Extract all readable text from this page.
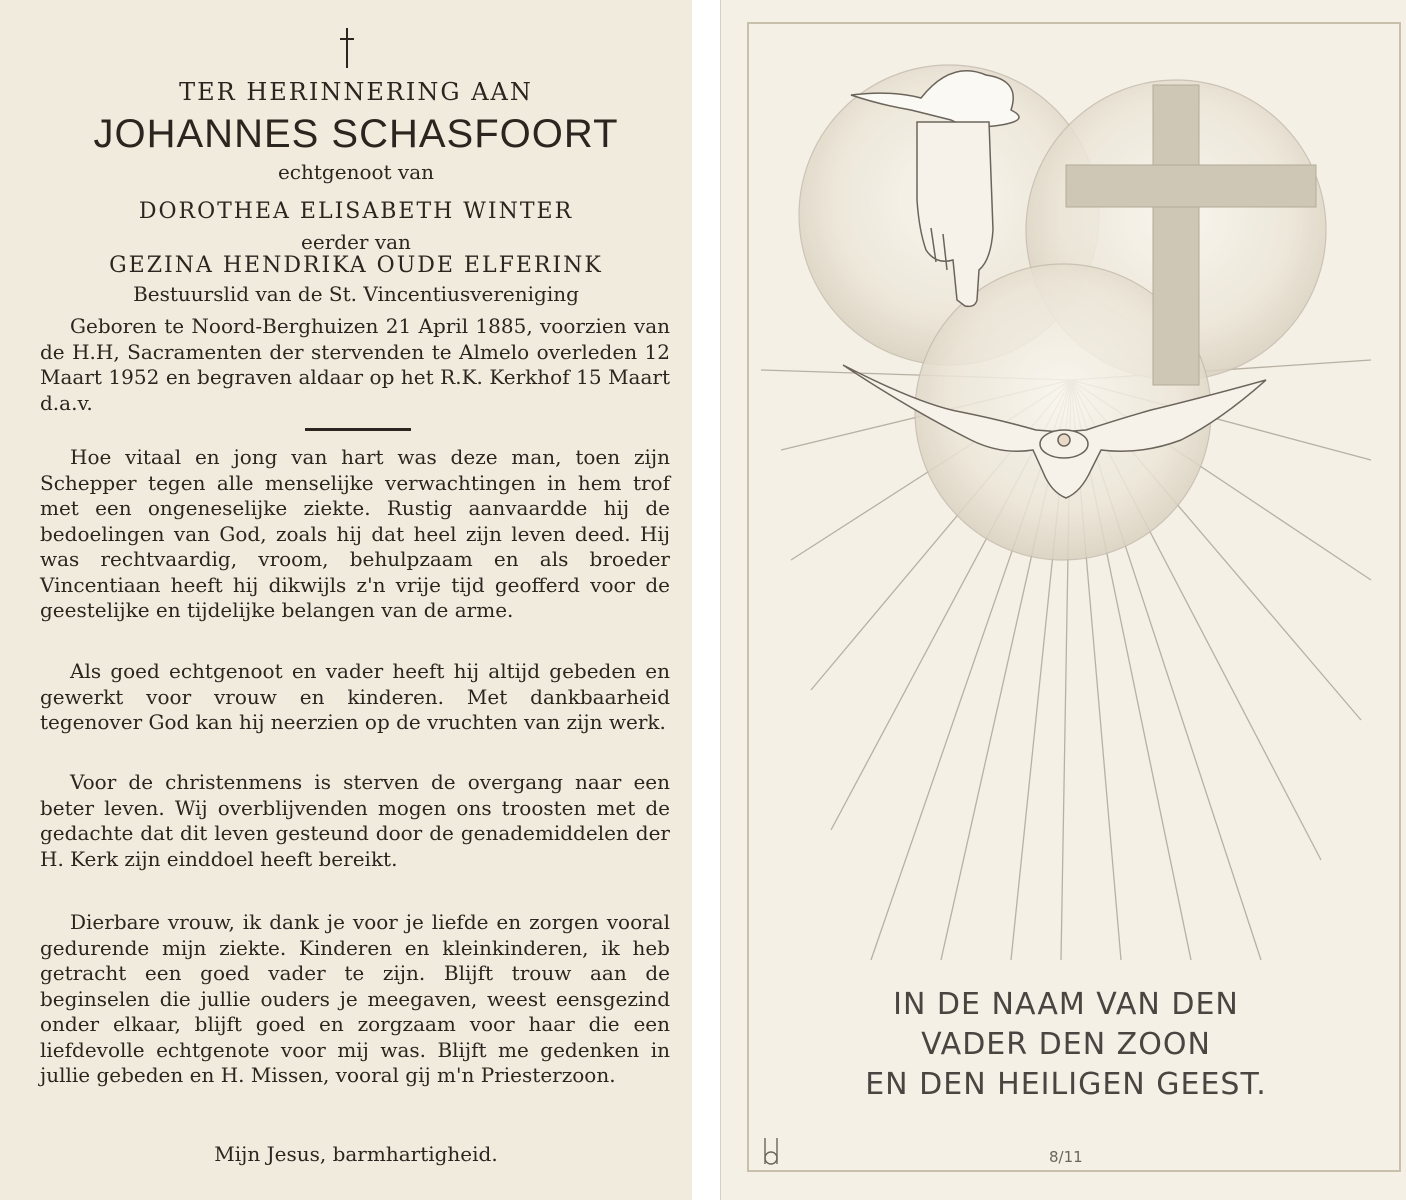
TER HERINNERING AAN
JOHANNES SCHASFOORT
echtgenoot van
DOROTHEA ELISABETH WINTER
eerder van
GEZINA HENDRIKA OUDE ELFERINK
Bestuurslid van de St. Vincentiusvereniging

Geboren te Noord-Berghuizen 21 April 1885, voorzien van de H.H, Sacramenten der stervenden te Almelo overleden 12 Maart 1952 en begraven aldaar op het R.K. Kerkhof 15 Maart d.a.v.

Hoe vitaal en jong van hart was deze man, toen zijn Schepper tegen alle menselijke verwachtingen in hem trof met een ongeneselijke ziekte. Rustig aanvaardde hij de bedoelingen van God, zoals hij dat heel zijn leven deed. Hij was rechtvaardig, vroom, behulpzaam en als broeder Vincentiaan heeft hij dikwijls z'n vrije tijd geofferd voor de geestelijke en tijdelijke belangen van de arme.

Als goed echtgenoot en vader heeft hij altijd gebeden en gewerkt voor vrouw en kinderen. Met dankbaarheid tegenover God kan hij neerzien op de vruchten van zijn werk.

Voor de christenmens is sterven de overgang naar een beter leven. Wij overblijvenden mogen ons troosten met de gedachte dat dit leven gesteund door de genademiddelen der H. Kerk zijn einddoel heeft bereikt.

Dierbare vrouw, ik dank je voor je liefde en zorgen vooral gedurende mijn ziekte. Kinderen en kleinkinderen, ik heb getracht een goed vader te zijn. Blijft trouw aan de beginselen die jullie ouders je meegaven, weest eensgezind onder elkaar, blijft goed en zorgzaam voor haar die een liefdevolle echtgenote voor mij was. Blijft me gedenken in jullie gebeden en H. Missen, vooral gij m'n Priesterzoon.

Mijn Jesus, barmhartigheid.
IN DE NAAM VAN DEN
VADER DEN ZOON
EN DEN HEILIGEN GEEST.
8/11
